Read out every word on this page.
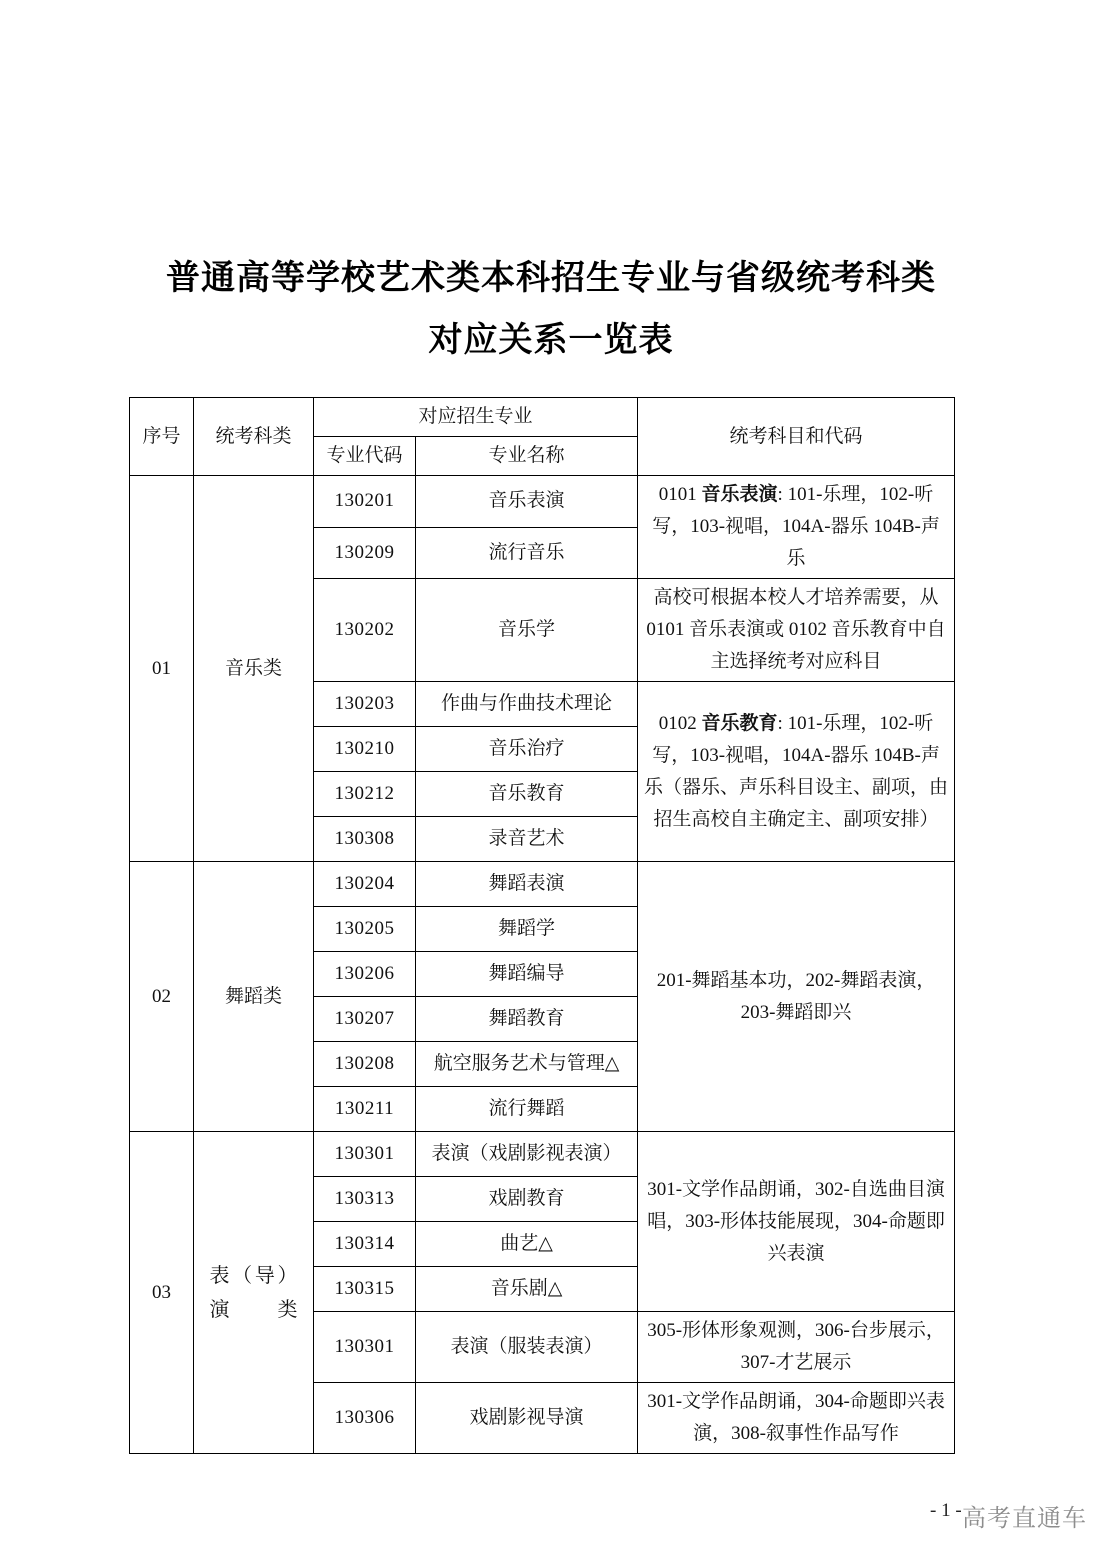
普通高等学校艺术类本科招生专业与省级统考科类
对应关系一览表
序号	统考科类	对应招生专业		统考科目和代码
		专业代码	专业名称	
01	音乐类	130201	音乐表演	0101 音乐表演: 101-乐理，102-听写，103-视唱，104A-器乐 104B-声乐
		130209	流行音乐	
		130202	音乐学	高校可根据本校人才培养需要，从 0101 音乐表演或 0102 音乐教育中自主选择统考对应科目
		130203	作曲与作曲技术理论	0102 音乐教育: 101-乐理，102-听写，103-视唱，104A-器乐 104B-声乐（器乐、声乐科目设主、副项，由招生高校自主确定主、副项安排）
		130210	音乐治疗	
		130212	音乐教育	
		130308	录音艺术	
02	舞蹈类	130204	舞蹈表演	201-舞蹈基本功，202-舞蹈表演，203-舞蹈即兴
		130205	舞蹈学	
		130206	舞蹈编导	
		130207	舞蹈教育	
		130208	航空服务艺术与管理△	
		130211	流行舞蹈	
03	表（导）演类	130301	表演（戏剧影视表演）	301-文学作品朗诵，302-自选曲目演唱，303-形体技能展现，304-命题即兴表演
		130313	戏剧教育	
		130314	曲艺△	
		130315	音乐剧△	
		130301	表演（服装表演）	305-形体形象观测，306-台步展示，307-才艺展示
		130306	戏剧影视导演	301-文学作品朗诵，304-命题即兴表演，308-叙事性作品写作
- 1 - 高考直通车
